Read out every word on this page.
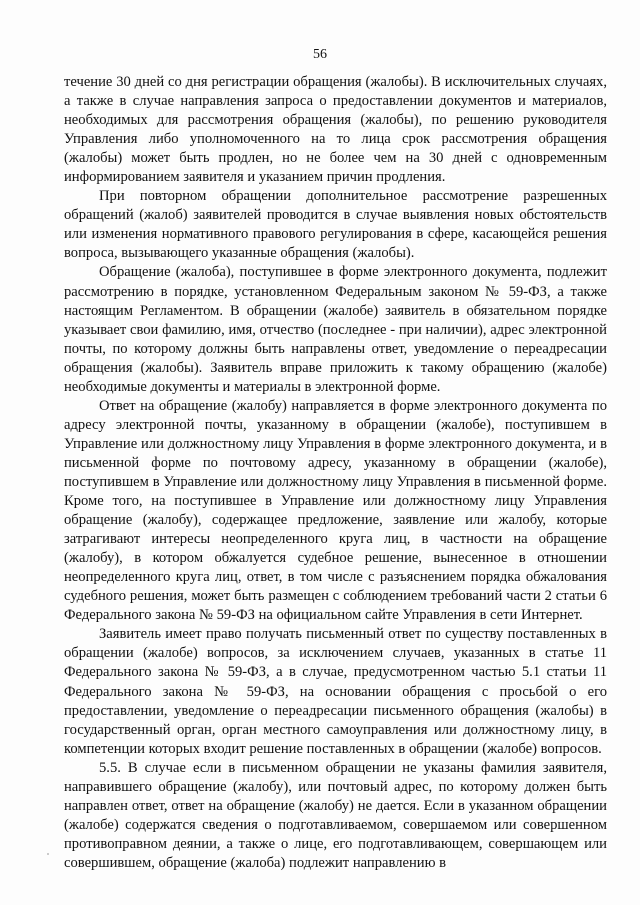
56

течение 30 дней со дня регистрации обращения (жалобы). В исключительных случаях, а также в случае направления запроса о предоставлении документов и материалов, необходимых для рассмотрения обращения (жалобы), по решению руководителя Управления либо уполномоченного на то лица срок рассмотрения обращения (жалобы) может быть продлен, но не более чем на 30 дней с одновременным информированием заявителя и указанием причин продления.

При повторном обращении дополнительное рассмотрение разрешенных обращений (жалоб) заявителей проводится в случае выявления новых обстоятельств или изменения нормативного правового регулирования в сфере, касающейся решения вопроса, вызывающего указанные обращения (жалобы).

Обращение (жалоба), поступившее в форме электронного документа, подлежит рассмотрению в порядке, установленном Федеральным законом № 59-ФЗ, а также настоящим Регламентом. В обращении (жалобе) заявитель в обязательном порядке указывает свои фамилию, имя, отчество (последнее - при наличии), адрес электронной почты, по которому должны быть направлены ответ, уведомление о переадресации обращения (жалобы). Заявитель вправе приложить к такому обращению (жалобе) необходимые документы и материалы в электронной форме.

Ответ на обращение (жалобу) направляется в форме электронного документа по адресу электронной почты, указанному в обращении (жалобе), поступившем в Управление или должностному лицу Управления в форме электронного документа, и в письменной форме по почтовому адресу, указанному в обращении (жалобе), поступившем в Управление или должностному лицу Управления в письменной форме. Кроме того, на поступившее в Управление или должностному лицу Управления обращение (жалобу), содержащее предложение, заявление или жалобу, которые затрагивают интересы неопределенного круга лиц, в частности на обращение (жалобу), в котором обжалуется судебное решение, вынесенное в отношении неопределенного круга лиц, ответ, в том числе с разъяснением порядка обжалования судебного решения, может быть размещен с соблюдением требований части 2 статьи 6 Федерального закона № 59-ФЗ на официальном сайте Управления в сети Интернет.

Заявитель имеет право получать письменный ответ по существу поставленных в обращении (жалобе) вопросов, за исключением случаев, указанных в статье 11 Федерального закона № 59-ФЗ, а в случае, предусмотренном частью 5.1 статьи 11 Федерального закона № 59-ФЗ, на основании обращения с просьбой о его предоставлении, уведомление о переадресации письменного обращения (жалобы) в государственный орган, орган местного самоуправления или должностному лицу, в компетенции которых входит решение поставленных в обращении (жалобе) вопросов.

5.5. В случае если в письменном обращении не указаны фамилия заявителя, направившего обращение (жалобу), или почтовый адрес, по которому должен быть направлен ответ, ответ на обращение (жалобу) не дается. Если в указанном обращении (жалобе) содержатся сведения о подготавливаемом, совершаемом или совершенном противоправном деянии, а также о лице, его подготавливающем, совершающем или совершившем, обращение (жалоба) подлежит направлению в
